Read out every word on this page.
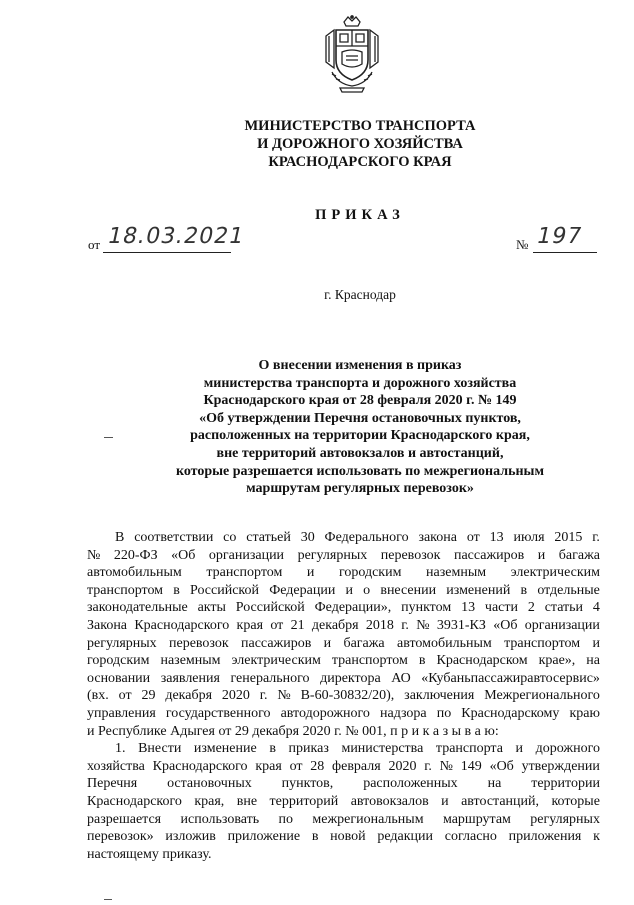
МИНИСТЕРСТВО ТРАНСПОРТА
И ДОРОЖНОГО ХОЗЯЙСТВА
КРАСНОДАРСКОГО КРАЯ
ПРИКАЗ
от 18.03.2021	№ 197
г. Краснодар
О внесении изменения в приказ
министерства транспорта и дорожного хозяйства
Краснодарского края от 28 февраля 2020 г. № 149
«Об утверждении Перечня остановочных пунктов,
расположенных на территории Краснодарского края,
вне территорий автовокзалов и автостанций,
которые разрешается использовать по межрегиональным
маршрутам регулярных перевозок»
В соответствии со статьей 30 Федерального закона от 13 июля 2015 г.
№ 220-ФЗ «Об организации регулярных перевозок пассажиров и багажа
автомобильным транспортом и городским наземным электрическим
транспортом в Российской Федерации и о внесении изменений в отдельные
законодательные акты Российской Федерации», пунктом 13 части 2 статьи 4
Закона Краснодарского края от 21 декабря 2018 г. № 3931-КЗ «Об организации
регулярных перевозок пассажиров и багажа автомобильным транспортом и
городским наземным электрическим транспортом в Краснодарском крае», на
основании заявления генерального директора АО «Кубаньпассажиравтосервис»
(вх. от 29 декабря 2020 г. № В-60-30832/20), заключения Межрегионального
управления государственного автодорожного надзора по Краснодарскому краю
и Республике Адыгея от 29 декабря 2020 г. № 001, п р и к а з ы в а ю:
1. Внести изменение в приказ министерства транспорта и дорожного
хозяйства Краснодарского края от 28 февраля 2020 г. № 149 «Об утверждении
Перечня остановочных пунктов, расположенных на территории
Краснодарского края, вне территорий автовокзалов и автостанций, которые
разрешается использовать по межрегиональным маршрутам регулярных
перевозок» изложив приложение в новой редакции согласно приложения к
настоящему приказу.
